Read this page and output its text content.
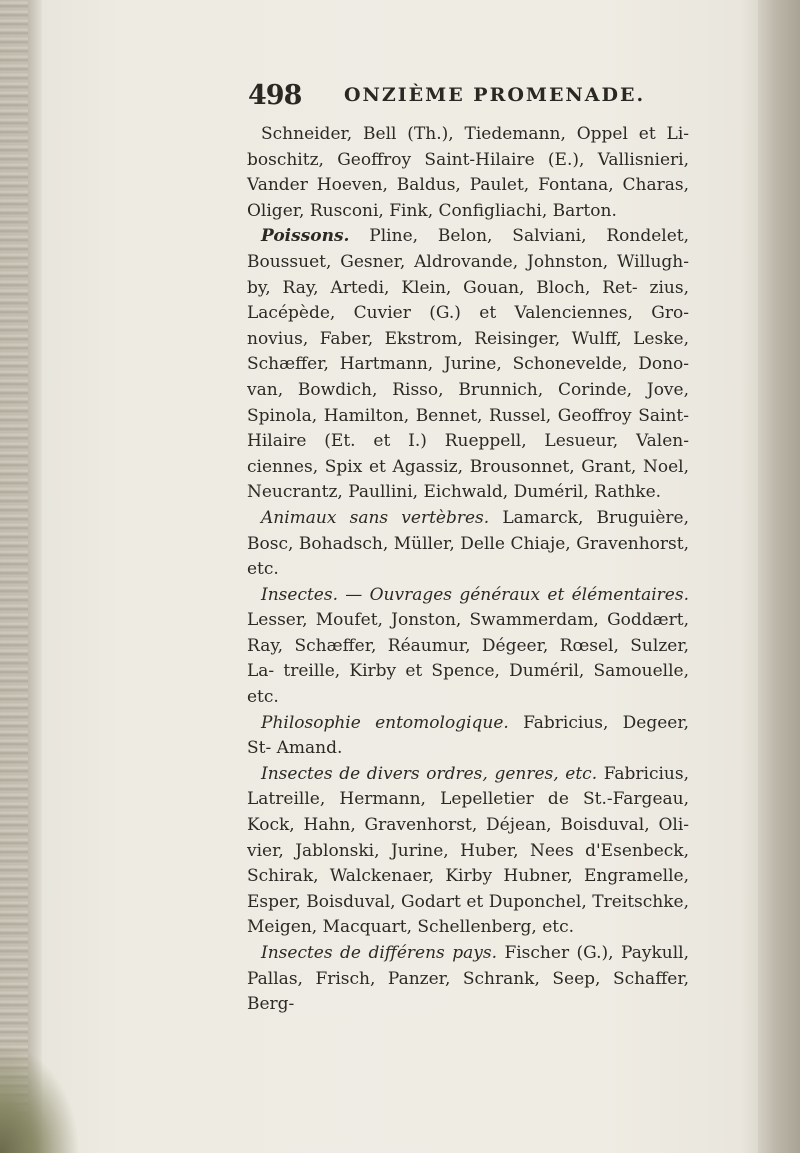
498 ONZIÈME PROMENADE.

Schneider, Bell (Th.), Tiedemann, Oppel et Li- boschitz, Geoffroy Saint-Hilaire (E.), Vallisnieri, Vander Hoeven, Baldus, Paulet, Fontana, Charas, Oliger, Rusconi, Fink, Configliachi, Barton.

Poissons. Pline, Belon, Salviani, Rondelet, Boussuet, Gesner, Aldrovande, Johnston, Willugh- by, Ray, Artedi, Klein, Gouan, Bloch, Ret- zius, Lacépède, Cuvier (G.) et Valenciennes, Gro- novius, Faber, Ekstrom, Reisinger, Wulff, Leske, Schæffer, Hartmann, Jurine, Schonevelde, Dono- van, Bowdich, Risso, Brunnich, Corinde, Jove, Spinola, Hamilton, Bennet, Russel, Geoffroy Saint- Hilaire (Et. et I.) Rueppell, Lesueur, Valen- ciennes, Spix et Agassiz, Brousonnet, Grant, Noel, Neucrantz, Paullini, Eichwald, Duméril, Rathke.

Animaux sans vertèbres. Lamarck, Bruguière, Bosc, Bohadsch, Müller, Delle Chiaje, Gravenhorst, etc.

Insectes. — Ouvrages généraux et élémentaires. Lesser, Moufet, Jonston, Swammerdam, Goddært, Ray, Schæffer, Réaumur, Dégeer, Rœsel, Sulzer, La- treille, Kirby et Spence, Duméril, Samouelle, etc.

Philosophie entomologique. Fabricius, Degeer, St- Amand.

Insectes de divers ordres, genres, etc. Fabricius, Latreille, Hermann, Lepelletier de St.-Fargeau, Kock, Hahn, Gravenhorst, Déjean, Boisduval, Oli- vier, Jablonski, Jurine, Huber, Nees d'Esenbeck, Schirak, Walckenaer, Kirby Hubner, Engramelle, Esper, Boisduval, Godart et Duponchel, Treitschke, Meigen, Macquart, Schellenberg, etc.

Insectes de différens pays. Fischer (G.), Paykull, Pallas, Frisch, Panzer, Schrank, Seep, Schaffer, Berg-
